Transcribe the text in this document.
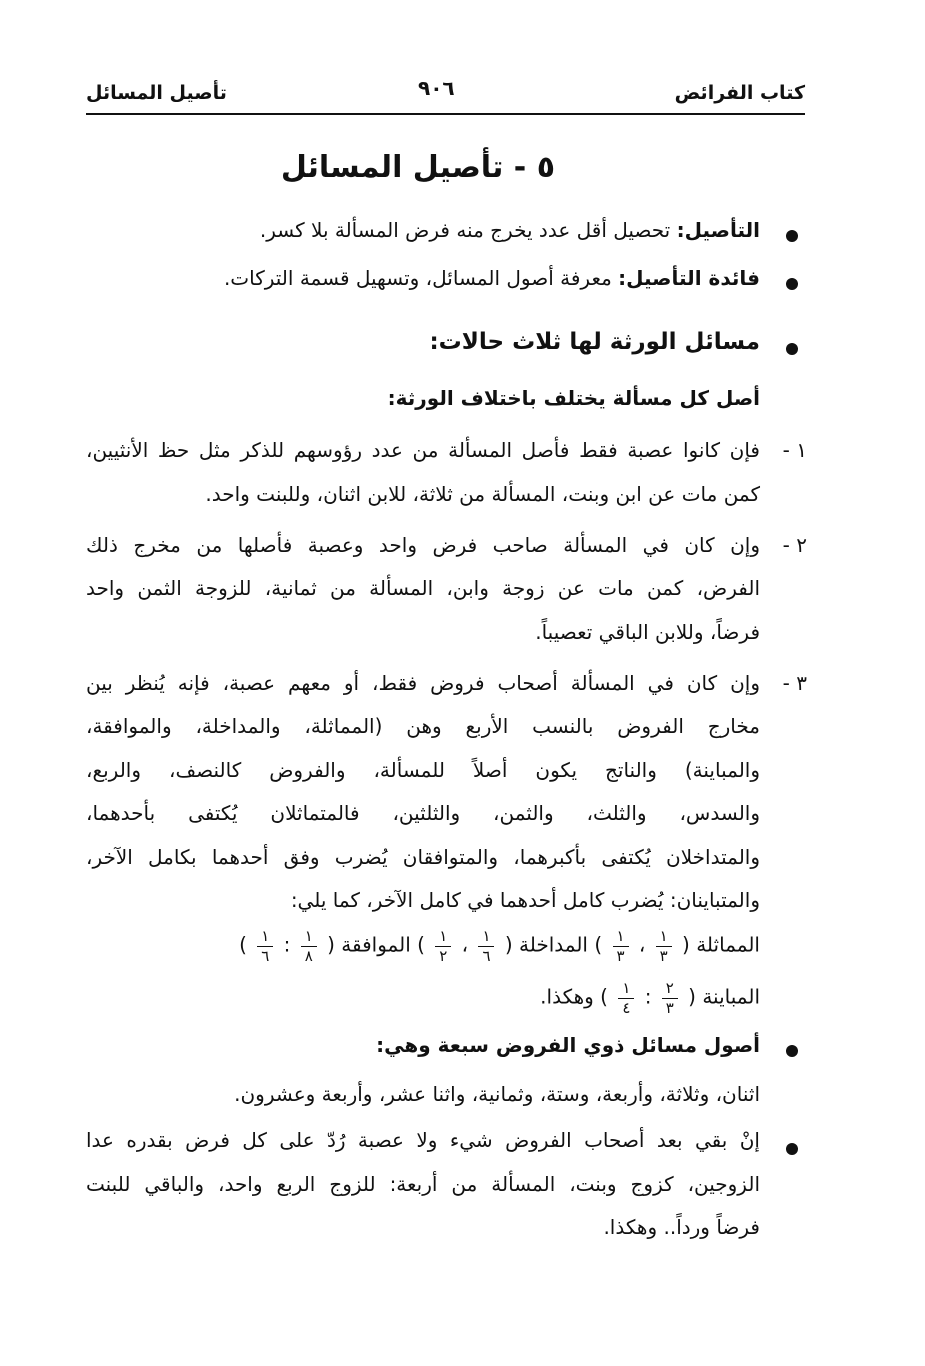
كتاب الفرائض
٩٠٦
تأصيل المسائل
٥ - تأصيل المسائل
التأصيل: تحصيل أقل عدد يخرج منه فرض المسألة بلا كسر.
فائدة التأصيل: معرفة أصول المسائل، وتسهيل قسمة التركات.
مسائل الورثة لها ثلاث حالات:
أصل كل مسألة يختلف باختلاف الورثة:
١ -
فإن كانوا عصبة فقط فأصل المسألة من عدد رؤوسهم للذكر مثل حظ الأنثيين،
كمن مات عن ابن وبنت، المسألة من ثلاثة، للابن اثنان، وللبنت واحد.
٢ -
وإن كان في المسألة صاحب فرض واحد وعصبة فأصلها من مخرج ذلك
الفرض، كمن مات عن زوجة وابن، المسألة من ثمانية، للزوجة الثمن واحد
فرضاً، وللابن الباقي تعصيباً.
٣ -
وإن كان في المسألة أصحاب فروض فقط، أو معهم عصبة، فإنه يُنظر بين
مخارج الفروض بالنسب الأربع وهن (المماثلة، والمداخلة، والموافقة،
والمباينة) والناتج يكون أصلاً للمسألة، والفروض كالنصف، والربع،
والسدس، والثلث، والثمن، والثلثين، فالمتماثلان يُكتفى بأحدهما،
والمتداخلان يُكتفى بأكبرهما، والمتوافقان يُضرب وفق أحدهما بكامل الآخر،
والمتباينان: يُضرب كامل أحدهما في كامل الآخر، كما يلي:
المماثلة (
$\frac{١}{٣}$
،
$\frac{١}{٣}$
) المداخلة (
$\frac{١}{٦}$
،
$\frac{١}{٢}$
) الموافقة (
$\frac{١}{٨}$
:
$\frac{١}{٦}$
)
المباينة (
$\frac{٢}{٣}$
:
$\frac{١}{٤}$
) وهكذا.
أصول مسائل ذوي الفروض سبعة وهي:
اثنان، وثلاثة، وأربعة، وستة، وثمانية، واثنا عشر، وأربعة وعشرون.
إنْ بقي بعد أصحاب الفروض شيء ولا عصبة رُدّ على كل فرض بقدره عدا
الزوجين، كزوج وبنت، المسألة من أربعة: للزوج الربع واحد، والباقي للبنت
فرضاً ورداً.. وهكذا.
